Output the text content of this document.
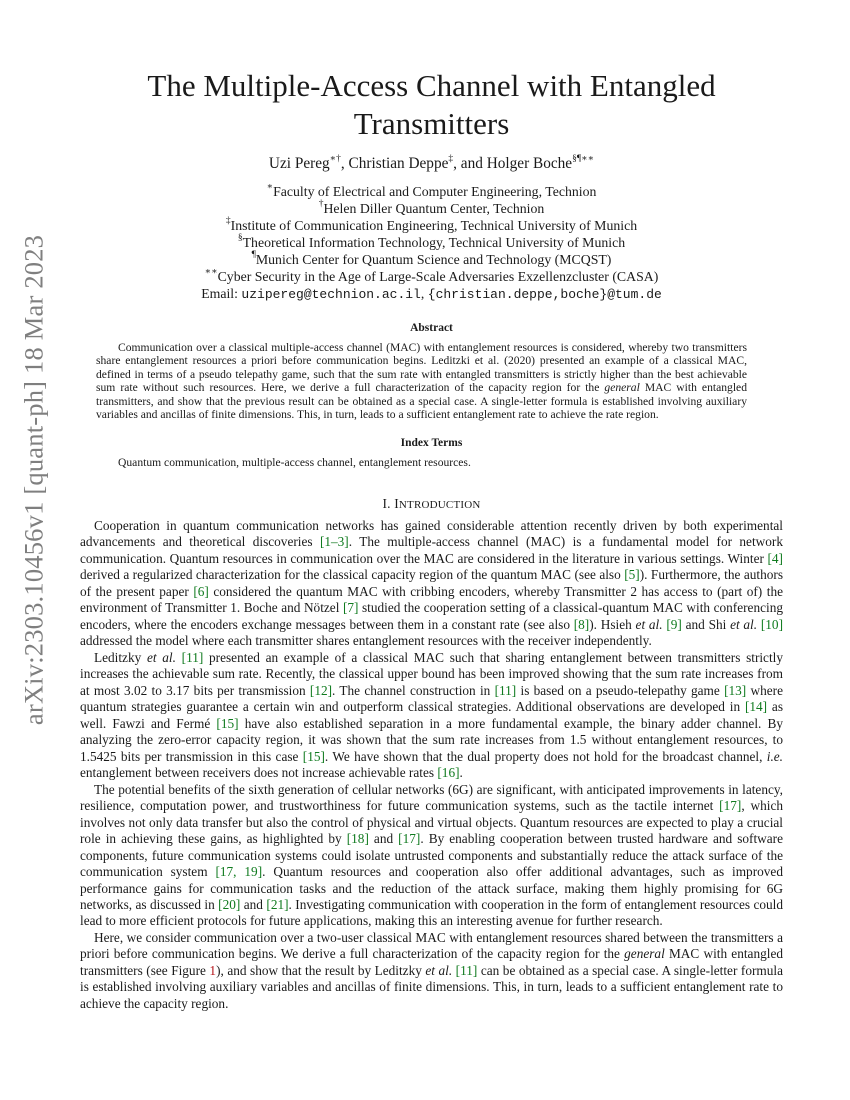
arXiv:2303.10456v1 [quant-ph] 18 Mar 2023
The Multiple-Access Channel with Entangled Transmitters
Uzi Pereg∗†, Christian Deppe‡, and Holger Boche§¶∗∗
∗Faculty of Electrical and Computer Engineering, Technion
†Helen Diller Quantum Center, Technion
‡Institute of Communication Engineering, Technical University of Munich
§Theoretical Information Technology, Technical University of Munich
¶Munich Center for Quantum Science and Technology (MCQST)
∗∗Cyber Security in the Age of Large-Scale Adversaries Exzellenzcluster (CASA)
Email: uzipereg@technion.ac.il, {christian.deppe,boche}@tum.de
Abstract
Communication over a classical multiple-access channel (MAC) with entanglement resources is considered, whereby two transmitters share entanglement resources a priori before communication begins. Leditzki et al. (2020) presented an example of a classical MAC, defined in terms of a pseudo telepathy game, such that the sum rate with entangled transmitters is strictly higher than the best achievable sum rate without such resources. Here, we derive a full characterization of the capacity region for the general MAC with entangled transmitters, and show that the previous result can be obtained as a special case. A single-letter formula is established involving auxiliary variables and ancillas of finite dimensions. This, in turn, leads to a sufficient entanglement rate to achieve the rate region.
Index Terms
Quantum communication, multiple-access channel, entanglement resources.
I. INTRODUCTION

Cooperation in quantum communication networks has gained considerable attention recently driven by both experimental advancements and theoretical discoveries [1–3]. The multiple-access channel (MAC) is a fundamental model for network communication. Quantum resources in communication over the MAC are considered in the literature in various settings. Winter [4] derived a regularized characterization for the classical capacity region of the quantum MAC (see also [5]). Furthermore, the authors of the present paper [6] considered the quantum MAC with cribbing encoders, whereby Transmitter 2 has access to (part of) the environment of Transmitter 1. Boche and Nötzel [7] studied the cooperation setting of a classical-quantum MAC with conferencing encoders, where the encoders exchange messages between them in a constant rate (see also [8]). Hsieh et al. [9] and Shi et al. [10] addressed the model where each transmitter shares entanglement resources with the receiver independently.

Leditzky et al. [11] presented an example of a classical MAC such that sharing entanglement between transmitters strictly increases the achievable sum rate. Recently, the classical upper bound has been improved showing that the sum rate increases from at most 3.02 to 3.17 bits per transmission [12]. The channel construction in [11] is based on a pseudo-telepathy game [13] where quantum strategies guarantee a certain win and outperform classical strategies. Additional observations are developed in [14] as well. Fawzi and Fermé [15] have also established separation in a more fundamental example, the binary adder channel. By analyzing the zero-error capacity region, it was shown that the sum rate increases from 1.5 without entanglement resources, to 1.5425 bits per transmission in this case [15]. We have shown that the dual property does not hold for the broadcast channel, i.e. entanglement between receivers does not increase achievable rates [16].

The potential benefits of the sixth generation of cellular networks (6G) are significant, with anticipated improvements in latency, resilience, computation power, and trustworthiness for future communication systems, such as the tactile internet [17], which involves not only data transfer but also the control of physical and virtual objects. Quantum resources are expected to play a crucial role in achieving these gains, as highlighted by [18] and [17]. By enabling cooperation between trusted hardware and software components, future communication systems could isolate untrusted components and substantially reduce the attack surface of the communication system [17, 19]. Quantum resources and cooperation also offer additional advantages, such as improved performance gains for communication tasks and the reduction of the attack surface, making them highly promising for 6G networks, as discussed in [20] and [21]. Investigating communication with cooperation in the form of entanglement resources could lead to more efficient protocols for future applications, making this an interesting avenue for further research.

Here, we consider communication over a two-user classical MAC with entanglement resources shared between the transmitters a priori before communication begins. We derive a full characterization of the capacity region for the general MAC with entangled transmitters (see Figure 1), and show that the result by Leditzky et al. [11] can be obtained as a special case. A single-letter formula is established involving auxiliary variables and ancillas of finite dimensions. This, in turn, leads to a sufficient entanglement rate to achieve the capacity region.
